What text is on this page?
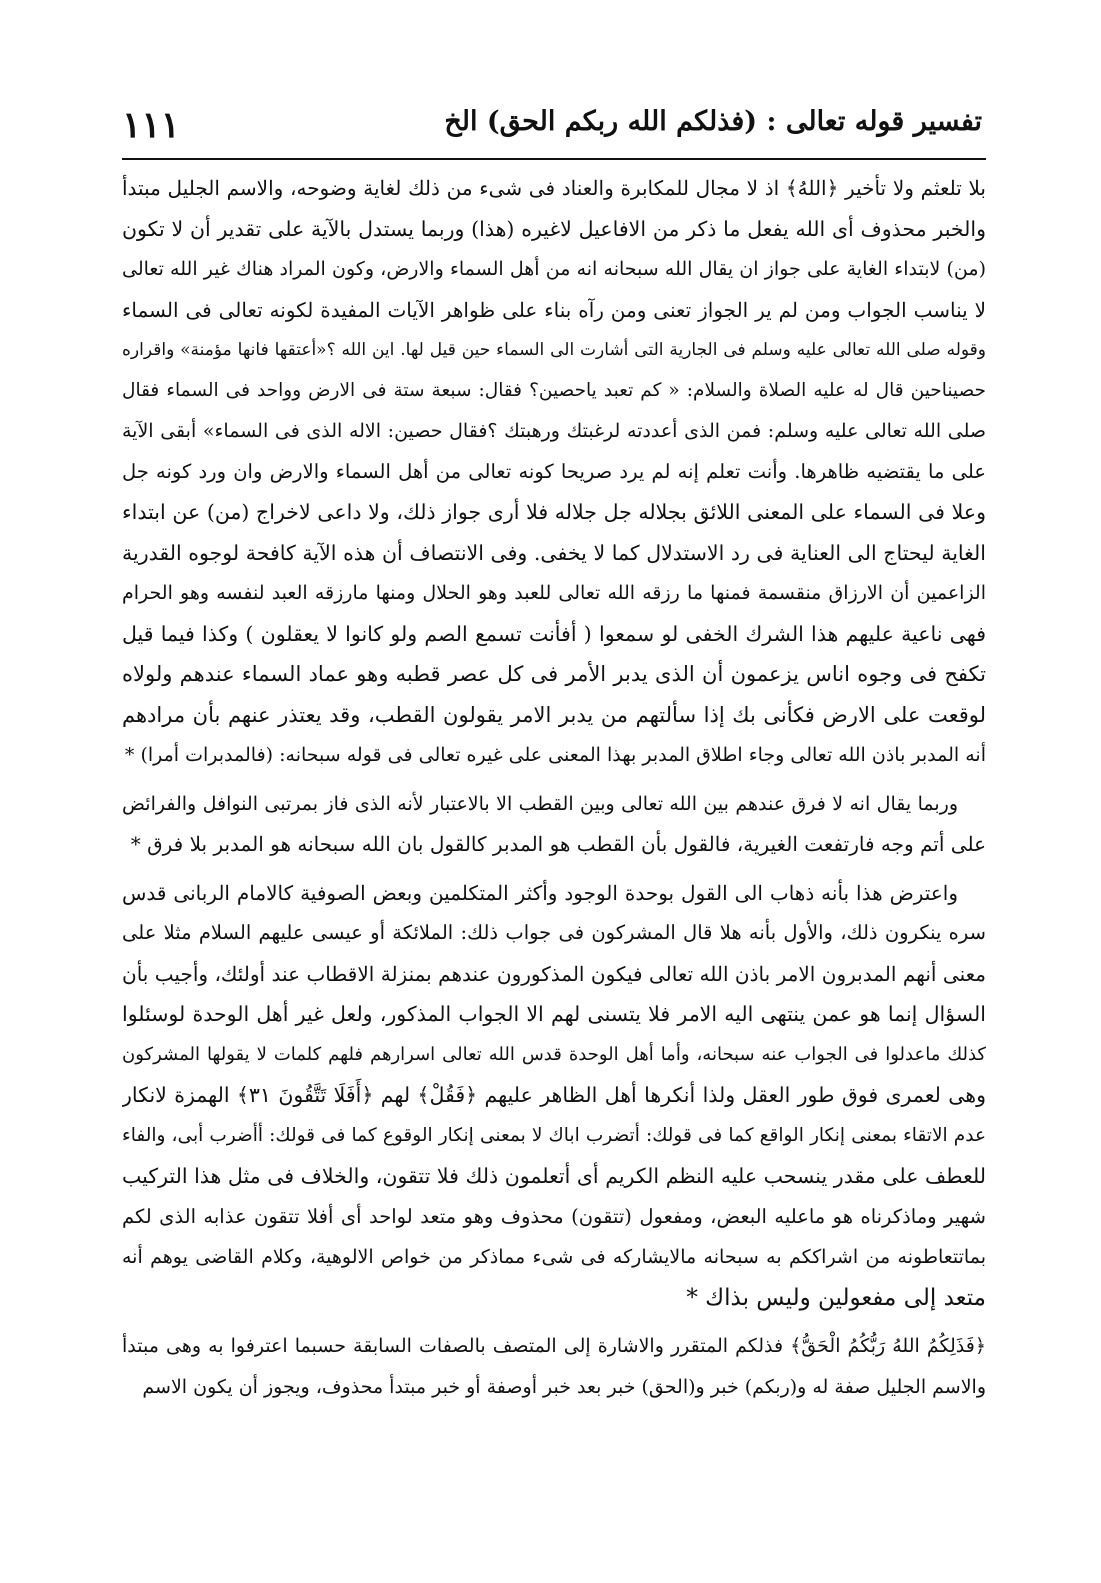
١١١	تفسير قوله تعالى : (فذلكم الله ربكم الحق) الخ
بلا تلعثم ولا تأخير ﴿اللهُ﴾ اذ لا مجال للمكابرة والعناد فى شىء من ذلك لغاية وضوحه، والاسم الجليل مبتدأ
والخبر محذوف أى الله يفعل ما ذكر من الافاعيل لاغيره (هذا) وربما يستدل بالآية على تقدير أن لا تكون
(من) لابتداء الغاية على جواز ان يقال الله سبحانه انه من أهل السماء والارض، وكون المراد هناك غير الله تعالى
لا يناسب الجواب ومن لم ير الجواز تعنى ومن رآه بناء على ظواهر الآيات المفيدة لكونه تعالى فى السماء
وقوله صلى الله تعالى عليه وسلم فى الجارية التى أشارت الى السماء حين قيل لها. اين الله ؟«أعتقها فانها مؤمنة» واقراره
حصيناحين قال له عليه الصلاة والسلام: « كم تعبد ياحصين؟ فقال: سبعة ستة فى الارض وواحد فى السماء فقال
صلى الله تعالى عليه وسلم: فمن الذى أعددته لرغبتك ورهبتك ؟فقال حصين: الاله الذى فى السماء» أبقى الآية
على ما يقتضيه ظاهرها. وأنت تعلم إنه لم يرد صريحا كونه تعالى من أهل السماء والارض وان ورد كونه جل
وعلا فى السماء على المعنى اللائق بجلاله جل جلاله فلا أرى جواز ذلك، ولا داعى لاخراج (من) عن ابتداء
الغاية ليحتاج الى العناية فى رد الاستدلال كما لا يخفى. وفى الانتصاف أن هذه الآية كافحة لوجوه القدرية
الزاعمين أن الارزاق منقسمة فمنها ما رزقه الله تعالى للعبد وهو الحلال ومنها مارزقه العبد لنفسه وهو الحرام
فهى ناعية عليهم هذا الشرك الخفى لو سمعوا ( أفأنت تسمع الصم ولو كانوا لا يعقلون ) وكذا فيما قيل
تكفح فى وجوه اناس يزعمون أن الذى يدبر الأمر فى كل عصر قطبه وهو عماد السماء عندهم ولولاه
لوقعت على الارض فكأنى بك إذا سألتهم من يدبر الامر يقولون القطب، وقد يعتذر عنهم بأن مرادهم
أنه المدبر باذن الله تعالى وجاء اطلاق المدبر بهذا المعنى على غيره تعالى فى قوله سبحانه: (فالمدبرات أمرا) *
وربما يقال انه لا فرق عندهم بين الله تعالى وبين القطب الا بالاعتبار لأنه الذى فاز بمرتبى النوافل والفرائض
على أتم وجه فارتفعت الغيرية، فالقول بأن القطب هو المدبر كالقول بان الله سبحانه هو المدبر بلا فرق *
واعترض هذا بأنه ذهاب الى القول بوحدة الوجود وأكثر المتكلمين وبعض الصوفية كالامام الربانى قدس
سره ينكرون ذلك، والأول بأنه هلا قال المشركون فى جواب ذلك: الملائكة أو عيسى عليهم السلام مثلا على
معنى أنهم المدبرون الامر باذن الله تعالى فيكون المذكورون عندهم بمنزلة الاقطاب عند أولئك، وأجيب بأن
السؤال إنما هو عمن ينتهى اليه الامر فلا يتسنى لهم الا الجواب المذكور، ولعل غير أهل الوحدة لوسئلوا
كذلك ماعدلوا فى الجواب عنه سبحانه، وأما أهل الوحدة قدس الله تعالى اسرارهم فلهم كلمات لا يقولها المشركون
وهى لعمرى فوق طور العقل ولذا أنكرها أهل الظاهر عليهم ﴿فَقُلْ﴾ لهم ﴿أَفَلَا تَتَّقُونَ ٣١﴾ الهمزة لانكار
عدم الاتقاء بمعنى إنكار الواقع كما فى قولك: أتضرب اباك لا بمعنى إنكار الوقوع كما فى قولك: أأضرب أبى، والفاء
للعطف على مقدر ينسحب عليه النظم الكريم أى أتعلمون ذلك فلا تتقون، والخلاف فى مثل هذا التركيب
شهير وماذكرناه هو ماعليه البعض، ومفعول (تتقون) محذوف وهو متعد لواحد أى أفلا تتقون عذابه الذى لكم
بماتتعاطونه من اشراككم به سبحانه مالايشاركه فى شىء مماذكر من خواص الالوهية، وكلام القاضى يوهم أنه
متعد إلى مفعولين وليس بذاك *
﴿فَذَلِكُمُ اللهُ رَبُّكُمُ الْحَقُّ﴾ فذلكم المتقرر والاشارة إلى المتصف بالصفات السابقة حسبما اعترفوا به وهى مبتدأ
والاسم الجليل صفة له و(ربكم) خبر و(الحق) خبر بعد خبر أوصفة أو خبر مبتدأ محذوف، ويجوز أن يكون الاسم
